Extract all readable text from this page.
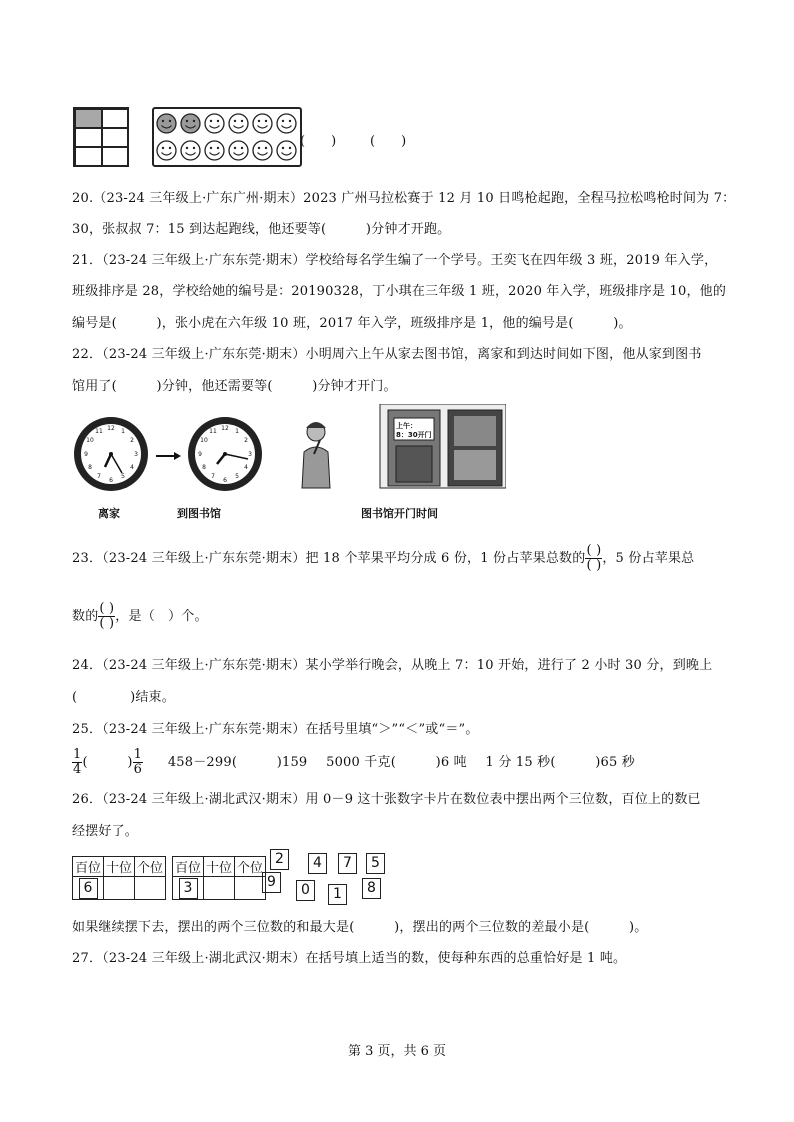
(　　)	(　　)
20.（23-24 三年级上·广东广州·期末）2023 广州马拉松赛于 12 月 10 日鸣枪起跑，全程马拉松鸣枪时间为 7：
30，张叔叔 7：15 到达起跑线，他还要等(　　　)分钟才开跑。
21．（23-24 三年级上·广东东莞·期末）学校给每名学生编了一个学号。王奕飞在四年级 3 班，2019 年入学，
班级排序是 28，学校给她的编号是：20190328，丁小琪在三年级 1 班，2020 年入学，班级排序是 10，他的
编号是(　　　)，张小虎在六年级 10 班，2017 年入学，班级排序是 1，他的编号是(　　　)。
22．（23-24 三年级上·广东东莞·期末）小明周六上午从家去图书馆，离家和到达时间如下图，他从家到图书
馆用了(　　　)分钟，他还需要等(　　　)分钟才开门。
12 1
2
3
4
5
6
7
8
9
10
11	12 1
2
3
4
5
6
7
8
9
10
11
上午：
8：30开门
离家	到图书馆	图书馆开门时间
23．（23-24 三年级上·广东东莞·期末）把 18 个苹果平均分成 6 份，1 份占苹果总数的 $\frac{( )}{( )}$ ，5 份占苹果总
数的 $\frac{( )}{( )}$ ，是（　）个。
24．（23-24 三年级上·广东东莞·期末）某小学举行晚会，从晚上 7：10 开始，进行了 2 小时 30 分，到晚上
(　　　　)结束。
25．（23-24 三年级上·广东东莞·期末）在括号里填“＞”“＜”或“＝”。
$\frac{1}{4}$ (　　　) $\frac{1}{6} 458-299$(　　　)159 5000 千克(　　　)6 吨 1 分 15 秒(　　　)65 秒
26．（23-24 三年级上·湖北武汉·期末）用 0－9 这十张数字卡片在数位表中摆出两个三位数，百位上的数已
经摆好了。
百位	十位	个位
6		
百位	十位	个位
3		
2	4	7	5
9	0	1	8
如果继续摆下去，摆出的两个三位数的和最大是(　　　)，摆出的两个三位数的差最小是(　　　)。
27．（23-24 三年级上·湖北武汉·期末）在括号填上适当的数，使每种东西的总重恰好是 1 吨。
第 3 页，共 6 页
